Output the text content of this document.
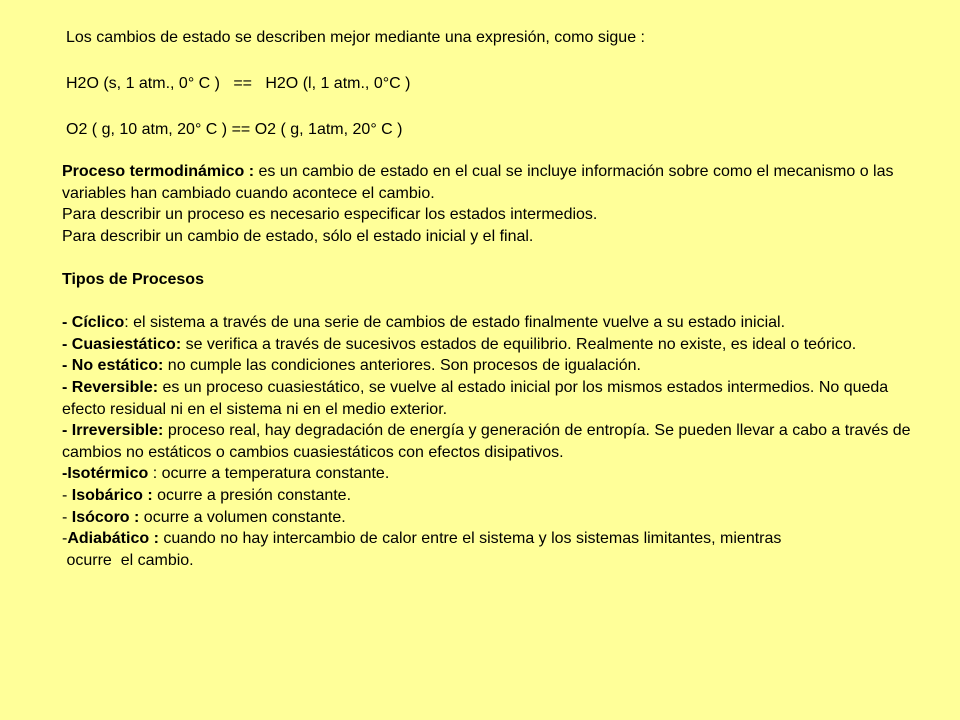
Los cambios de estado se describen mejor mediante una expresión, como sigue :

H2O (s, 1 atm., 0° C )   ==   H2O (l, 1 atm., 0°C )

O2 ( g, 10 atm, 20° C ) == O2 ( g, 1atm, 20° C )

Proceso termodinámico : es un cambio de estado en el cual se incluye información sobre como el mecanismo o las variables han cambiado cuando acontece el cambio.

Para describir un proceso es necesario especificar los estados intermedios.

Para describir un cambio de estado, sólo el estado inicial y el final.

Tipos de Procesos

- Cíclico: el sistema a través de una serie de cambios de estado finalmente vuelve a su estado inicial.

- Cuasiestático: se verifica a través de sucesivos estados de equilibrio. Realmente no existe, es ideal o teórico.

- No estático: no cumple las condiciones anteriores. Son procesos de igualación.

- Reversible: es un proceso cuasiestático, se vuelve al estado inicial por los mismos estados intermedios. No queda efecto residual ni en el sistema ni en el medio exterior.

- Irreversible: proceso real, hay degradación de energía y generación de entropía. Se pueden llevar a cabo a través de cambios no estáticos o cambios cuasiestáticos con efectos disipativos.

-Isotérmico : ocurre a temperatura constante.

- Isobárico : ocurre a presión constante.

- Isócoro : ocurre a volumen constante.

-Adiabático : cuando no hay intercambio de calor entre el sistema y los sistemas limitantes, mientras

ocurre  el cambio.
